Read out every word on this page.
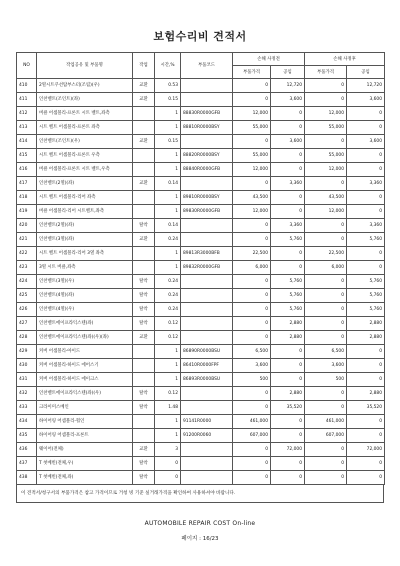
보험수리비 견적서
NO	작업공유 및 부품명	작업	시간,%	부품코드	손해 사정전		손해 사정후	
					부품가격	공임	부품가격	공임
410	2열시트쿠션탑부스터(조립)(우)	교환	0.53		0	12,720	0	12,720
411	인찬벨트(조인트)(좌)	교환	0.15		0	3,600	0	3,600
412	버클 어셈블리-프론트 시트 벨트,좌측		1	88830R0000GFB	12,000	0	12,000	0
413	시트 벨트 어셈블리-프론트 좌측		1	88810R0000BSY	55,000	0	55,000	0
414	인찬벨트(조인트)(우)	교환	0.15		0	3,600	0	3,600
415	시트 벨트 어셈블리-프론트 우측		1	88820R0000BSY	55,000	0	55,000	0
416	버클 어셈블리-프론트 시트 벨트,우측		1	88840R0000GFB	12,000	0	12,000	0
417	인찬벨트(2열)(좌)	교환	0.14		0	3,360	0	3,360
418	시트 벨트 어셈블리-리어 좌측		1	89810R0000BSY	43,500	0	43,500	0
419	버클 어셈블리-리어 시트벨트,좌측		1	89830R0000GFB	12,000	0	12,000	0
420	인찬벨트(2열)(좌)	탈착	0.14		0	3,360	0	3,360
421	인찬벨트(3열)(좌)	교환	0.24		0	5,760	0	5,760
422	시트 벨트 어셈블리-리어 3열 좌측		1	89813R3000BFB	22,500	0	22,500	0
423	3열 시트 버클,좌측		1	89832R0000GFB	6,000	0	6,000	0
424	인찬벨트(3열)(우)	탈착	0.24		0	5,760	0	5,760
425	인찬벨트(4열)(좌)	탈착	0.24		0	5,760	0	5,760
426	인찬벨트(4열)(우)	탈착	0.24		0	5,760	0	5,760
427	인찬벨트에이프라익스텐(좌)	탈착	0.12		0	2,880	0	2,880
428	인찬벨트에이프라익스텐(좌)(우)(좌)	교환	0.12		0	2,880	0	2,880
429	커버 어셈블리-아이드		1	86890R0000BSU	6,500	0	6,500	0
430	커버 어셈블리-하이드 에어스기		1	86410R0000FPF	3,600	0	3,600	0
431	커버 어셈블리-하이드 에이크스		1	86893R0000BSU	500	0	500	0
432	인찬벨트에이프라익스텐(좌)(우)	탈착	0.12		0	2,880	0	2,880
433	크라이미스베인	탈착	1.48		0	35,520	0	35,520
434	하이어링 어셈블리-휠인		1	91141R0000	461,000	0	461,000	0
435	하이어링 어셈블리-프론트		1	91200R0060	607,000	0	607,000	0
436	웨이어(전체)	교환	3		0	72,000	0	72,000
437	T 첫베빈(전체,우)	탈착	0		0	0	0	0
438	T 첫베빈(전체,좌)	탈착	0		0	0	0	0
이 견적서/청구서의 부품가격은 참고 가격이므로 거청 빙 기준 실거래가격을 확인하여 사용하셔야 바랍니다.
AUTOMOBILE REPAIR COST On-line
페이지 : 16/23
